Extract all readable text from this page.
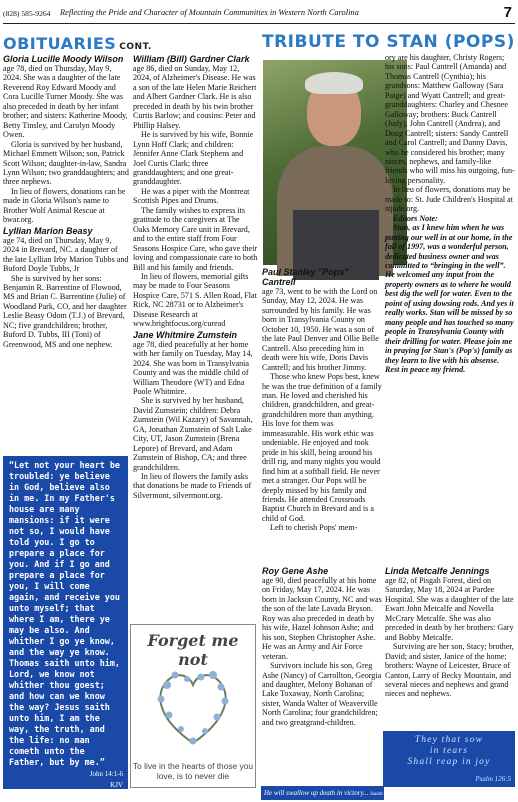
(828) 585-9264 Reflecting the Pride and Character of Mountain Communities in Western North Carolina	7
OBITUARIES CONT.	TRIBUTE TO STAN (POPS)
Gloria Lucille Moody Wilson

age 78, died on Thursday, May 9, 2024. She was a daughter of the late Reverend Roy Edward Moody and Cora Lucille Turner Moody. She was also preceded in death by her infant brother; and sisters: Katherine Moody, Betty Tinsley, and Carolyn Moody Owen.

Gloria is survived by her husband, Michael Emmett Wilson; son, Patrick Scott Wilson; daughter-in-law, Sandra Lynn Wilson; two granddaughters; and three nephews.

In lieu of flowers, donations can be made in Gloria Wilson's name to Brother Wolf Animal Rescue at bwar.org.

Lyllian Marion Beasy

age 74, died on Thursday, May 9, 2024 in Brevard, NC. a daughter of the late Lyllian Irby Marion Tubbs and Buford Doyle Tubbs, Jr

She is survived by her sons: Benjamin R. Barrentine of Flowood, MS and Brian C. Barrentine (Julie) of Woodland Park, CO, and her daughter Leslie Beasy Odom (T.J.) of Brevard, NC; five grandchildren; brother, Buford D. Tubbs, III (Toni) of Greenwood, MS and one nephew.

“Let not your heart be troubled: ye believe in God, believe also in me. In my Father's house are many mansions: if it were not so, I would have told you. I go to prepare a place for you. And if I go and prepare a place for you, I will come again, and receive you unto myself; that where I am, there ye may be also. And whither I go ye know, and the way ye know. Thomas saith unto him, Lord, we know not whither thou goest; and how can we know the way? Jesus saith unto him, I am the way, the truth, and the life: no man cometh unto the Father, but by me.”
John 14:1-6
KJV
William (Bill) Gardner Clark

age 86, died on Sunday, May 12, 2024, of Alzheimer's Disease. He was a son of the late Helen Marie Reichert and Albert Gardner Clark. He is also preceded in death by his twin brother Curtis Barlow; and cousins: Peter and Phillip Halsey.

He is survived by his wife, Bonnie Lynn Hoff Clark; and children: Jennifer Anne Clark Stephens and Joel Curtis Clark; three granddaughters; and one great-granddaughter.

He was a piper with the Montreat Scottish Pipes and Drums.

The family wishes to express its gratitude to the caregivers at The Oaks Memory Care unit in Brevard, and to the entire staff from Four Seasons Hospice Care, who gave their loving and compassionate care to both Bill and his family and friends.

In lieu of flowers, memorial gifts may be made to Four Seasons Hospice Care, 571 S. Allen Road, Flat Rick, NC 28731 or to Alzheimer's Disease Research at www.brightfocus.org/curead

Jane Whitmire Zumstein

age 78, died peacefully at her home with her family on Tuesday, May 14, 2024. She was born in Transylvania County and was the middle child of William Theodore (WT) and Edna Poole Whitmire.

She is survived by her husband, David Zumstein; children: Debra Zumstein (Wil Kazary) of Savannah, GA, Jonathan Zumstein of Salt Lake City, UT, Jason Zumstein (Brena Lepore) of Brevard, and Adam Zumstein of Bishop, CA; and three grandchildren.

In lieu of flowers the family asks that donations be made to Friends of Silvermont, silvermont.org.

Forget me not
To live in the hearts of those you love, is to never die
Paul Stanley "Pops" Cantrell

age 73, went to be with the Lord on Sunday, May 12, 2024. He was surrounded by his family. He was born in Transylvania County on October 10, 1950. He was a son of the late Paul Denver and Ollie Belle Cantrell. Also preceding him in death were his wife, Doris Davis Cantrell; and his brother Jimmy.

Those who knew Pops best, knew he was the true definition of a family man. He loved and cherished his children, grandchildren, and great-grandchildren more than anything. His love for them was immeasurable. His work ethic was undeniable. He enjoyed and took pride in his skill, being around his drill rig, and many nights you would find him at a softball field. He never met a stranger. Our Pops will be deeply missed by his family and friends. He attended Crossroads Baptist Church in Brevard and is a child of God.

Left to cherish Pops' mem-

Roy Gene Ashe

age 90, died peacefully at his home on Friday, May 17, 2024. He was born in Jackson County, NC and was the son of the late Lavada Bryson. Roy was also preceded in death by his wife, Hazel Johnson Ashe; and his son, Stephen Christopher Ashe. He was an Army and Air Force veteran.

Survivors include his son, Greg Ashe (Nancy) of Carrollton, Georgia and daughter, Melony Bohanan of Lake Toxaway, North Carolina; sister, Wanda Walter of Weaverville North Carolina; four grandchildren; and two greatgrand-children.

He will swallow up death in victory... Isaiah 25:8

ory are his daughter, Christy Rogers; his sons: Paul Cantrell (Amanda) and Thomas Cantrell (Cynthia); his grandsons: Matthew Galloway (Sara Paige) and Wyatt Cantrell; and great-granddaughters: Charley and Chesnee Galloway; brothers: Buck Cantrell (Judy), John Cantrell (Andrea), and Doug Cantrell; sisters: Sandy Cantrell and Carol Cantrell; and Danny Davis, who he considered his brother; many nieces, nephews, and family-like friends who will miss his outgoing, fun-loving personality.

In lieu of flowers, donations may be made to: St. Jude Children's Hospital at stjude.org.

Editors Note:

Stan, as I knew him when he was putting our well in at our home, in the fall of 1997, was a wonderful person, dedicated business owner and was committed to “bringing in the well”. He welcomed any input from the property owners as to where he would best dig the well for water. Even to the point of using dowsing rods. And yes it really works. Stan will be missed by so many people and has touched so many people in Transylvania County with their drilling for water. Please join me in praying for Stan's (Pop's) family as they learn to live with his absense. Rest in peace my friend.

Linda Metcalfe Jennings

age 82, of Pisgah Forest, died on Saturday, May 18, 2024 at Pardee Hospital. She was a daughter of the late Ewart John Metcalfe and Novella McCrary Metcalfe. She was also preceded in death by her brothers: Gary and Bobby Metcalfe.

Surviving are her son, Stacy; brother, David; and sister, Janice of the home; brothers: Wayne of Leicester, Bruce of Canton, Larry of Becky Mountain, and several nieces and nephews and grand nieces and nephews.

They that sow
in tears
Shall reap in joy
Psalm 126:5
